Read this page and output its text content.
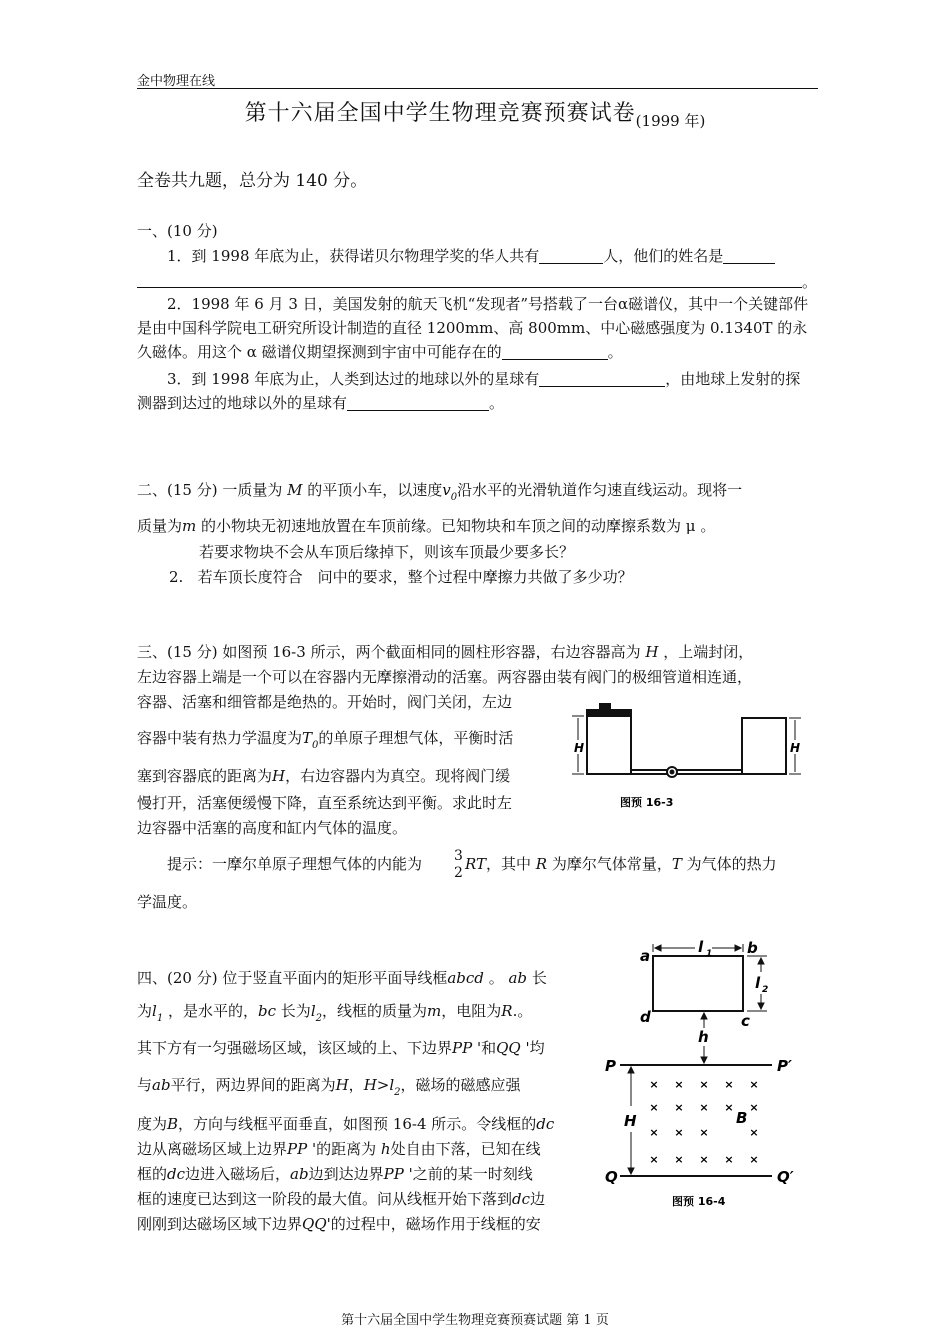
金中物理在线
第十六届全国中学生物理竞赛预赛试卷$_{(1999 年)}$
全卷共九题，总分为 140 分。
一、(10 分)
1．到 1998 年底为止，获得诺贝尔物理学奖的华人共有	人，他们的姓名是
。
2．1998 年 6 月 3 日，美国发射的航天飞机“发现者”号搭载了一台α磁谱仪，其中一个关键部件是由中国科学院电工研究所设计制造的直径 1200mm、高 800mm、中心磁感强度为 0.1340T 的永久磁体。用这个 α 磁谱仪期望探测到宇宙中可能存在的	。
3．到 1998 年底为止，人类到达过的地球以外的星球有	，由地球上发射的探测器到达过的地球以外的星球有	。
二、(15 分) 一质量为 M 的平顶小车，以速度$v_0$沿水平的光滑轨道作匀速直线运动。现将一
质量为m 的小物块无初速地放置在车顶前缘。已知物块和车顶之间的动摩擦系数为 μ 。
若要求物块不会从车顶后缘掉下，则该车顶最少要多长？
2. 若车顶长度符合　问中的要求，整个过程中摩擦力共做了多少功？
三、(15 分) 如图预 16-3 所示，两个截面相同的圆柱形容器，右边容器高为 H ，上端封闭，
左边容器上端是一个可以在容器内无摩擦滑动的活塞。两容器由装有阀门的极细管道相连通，
容器、活塞和细管都是绝热的。开始时，阀门关闭，左边
容器中装有热力学温度为$T_0$的单原子理想气体，平衡时活
塞到容器底的距离为H，右边容器内为真空。现将阀门缓
慢打开，活塞便缓慢下降，直至系统达到平衡。求此时左
边容器中活塞的高度和缸内气体的温度。
提示：一摩尔单原子理想气体的内能为	3
2 RT，其中 R 为摩尔气体常量，T 为气体的热力
学温度。
H	H
图预 16-3
四、(20 分) 位于竖直平面内的矩形平面导线框abcd 。 ab 长
为$l_1$ ，是水平的，bc 长为$l_2$，线框的质量为m，电阻为R.。
其下方有一匀强磁场区域，该区域的上、下边界PP '和QQ '均
与ab平行，两边界间的距离为H，$H>l_2$，磁场的磁感应强
度为B，方向与线框平面垂直，如图预 16-4 所示。令线框的dc
边从离磁场区域上边界PP '的距离为 h处自由下落，已知在线
框的dc边进入磁场后，ab边到达边界PP '之前的某一时刻线
框的速度已达到这一阶段的最大值。问从线框开始下落到dc边
刚刚到达磁场区域下边界QQ'的过程中，磁场作用于线框的安
× × × × ×
× × × × ×
× × ×	×
× × × × ×
a	b
c
d
l 1
l 2
h
P	P′
Q	Q′
H	B
图预 16-4
第十六届全国中学生物理竞赛预赛试题 第 1 页
